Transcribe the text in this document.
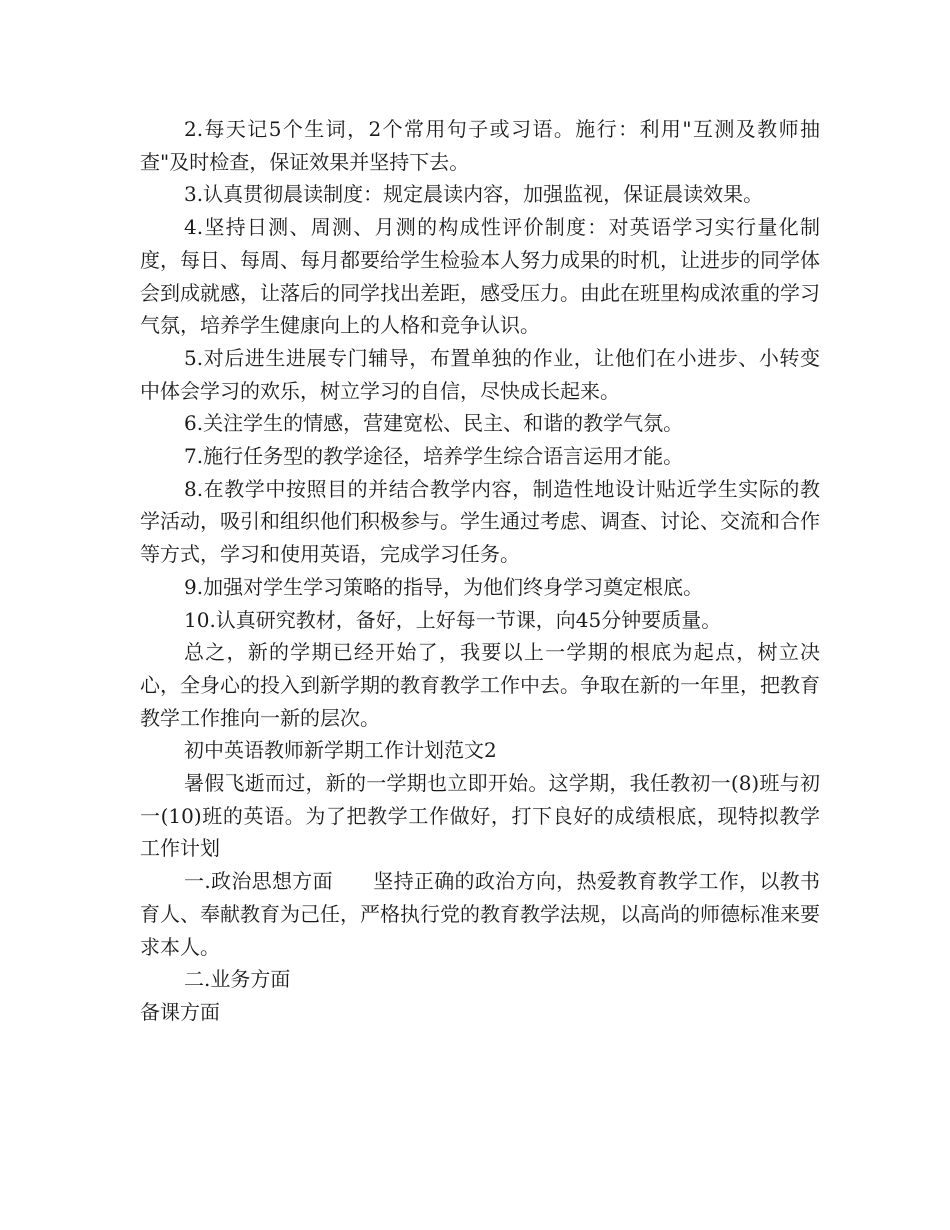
2.每天记5个生词，2个常用句子或习语。施行：利用"互测及教师抽查"及时检查，保证效果并坚持下去。

3.认真贯彻晨读制度：规定晨读内容，加强监视，保证晨读效果。

4.坚持日测、周测、月测的构成性评价制度：对英语学习实行量化制度，每日、每周、每月都要给学生检验本人努力成果的时机，让进步的同学体会到成就感，让落后的同学找出差距，感受压力。由此在班里构成浓重的学习气氛，培养学生健康向上的人格和竞争认识。

5.对后进生进展专门辅导，布置单独的作业，让他们在小进步、小转变中体会学习的欢乐，树立学习的自信，尽快成长起来。

6.关注学生的情感，营建宽松、民主、和谐的教学气氛。

7.施行任务型的教学途径，培养学生综合语言运用才能。

8.在教学中按照目的并结合教学内容，制造性地设计贴近学生实际的教学活动，吸引和组织他们积极参与。学生通过考虑、调查、讨论、交流和合作等方式，学习和使用英语，完成学习任务。

9.加强对学生学习策略的指导，为他们终身学习奠定根底。

10.认真研究教材，备好，上好每一节课，向45分钟要质量。

总之，新的学期已经开始了，我要以上一学期的根底为起点，树立决心，全身心的投入到新学期的教育教学工作中去。争取在新的一年里，把教育教学工作推向一新的层次。

初中英语教师新学期工作计划范文2

暑假飞逝而过，新的一学期也立即开始。这学期，我任教初一(8)班与初一(10)班的英语。为了把教学工作做好，打下良好的成绩根底，现特拟教学工作计划

一.政治思想方面 坚持正确的政治方向，热爱教育教学工作，以教书育人、奉献教育为己任，严格执行党的教育教学法规，以高尚的师德标准来要求本人。

二.业务方面

备课方面
